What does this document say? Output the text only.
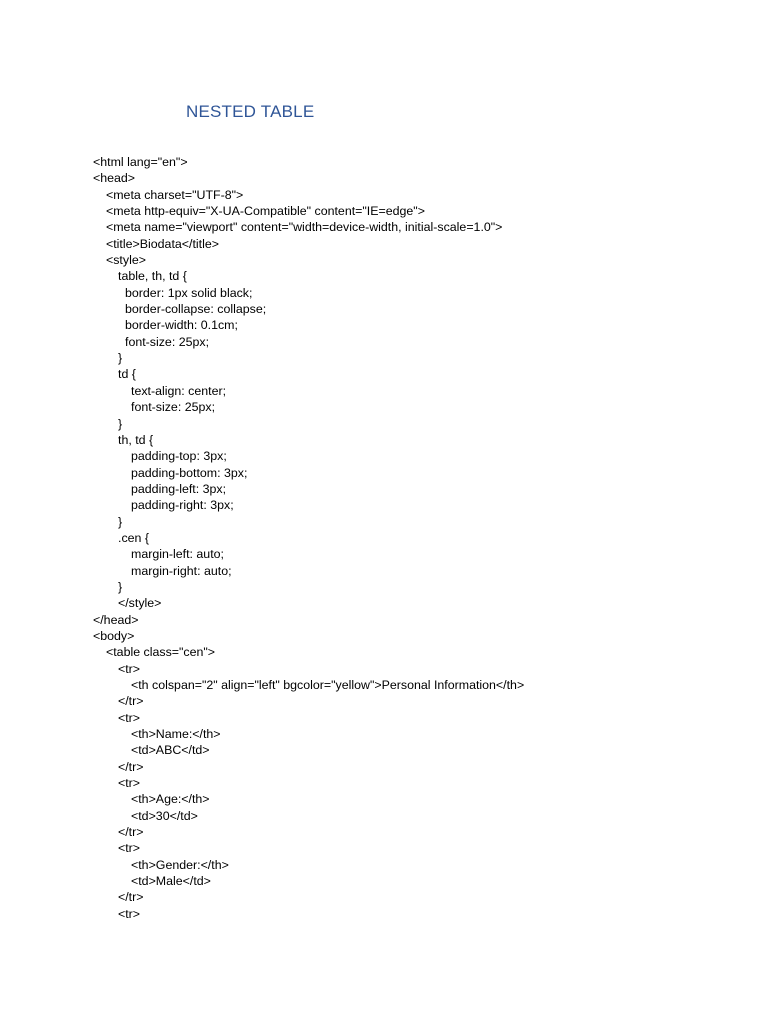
NESTED TABLE
<html lang="en">
<head>
<meta charset="UTF-8">
<meta http-equiv="X-UA-Compatible" content="IE=edge">
<meta name="viewport" content="width=device-width, initial-scale=1.0">
<title>Biodata</title>
<style>
table, th, td {
border: 1px solid black;
border-collapse: collapse;
border-width: 0.1cm;
font-size: 25px;
}
td {
text-align: center;
font-size: 25px;
}
th, td {
padding-top: 3px;
padding-bottom: 3px;
padding-left: 3px;
padding-right: 3px;
}
.cen {
margin-left: auto;
margin-right: auto;
}
</style>
</head>
<body>
<table class="cen">
<tr>
<th colspan="2" align="left" bgcolor="yellow">Personal Information</th>
</tr>
<tr>
<th>Name:</th>
<td>ABC</td>
</tr>
<tr>
<th>Age:</th>
<td>30</td>
</tr>
<tr>
<th>Gender:</th>
<td>Male</td>
</tr>
<tr>
